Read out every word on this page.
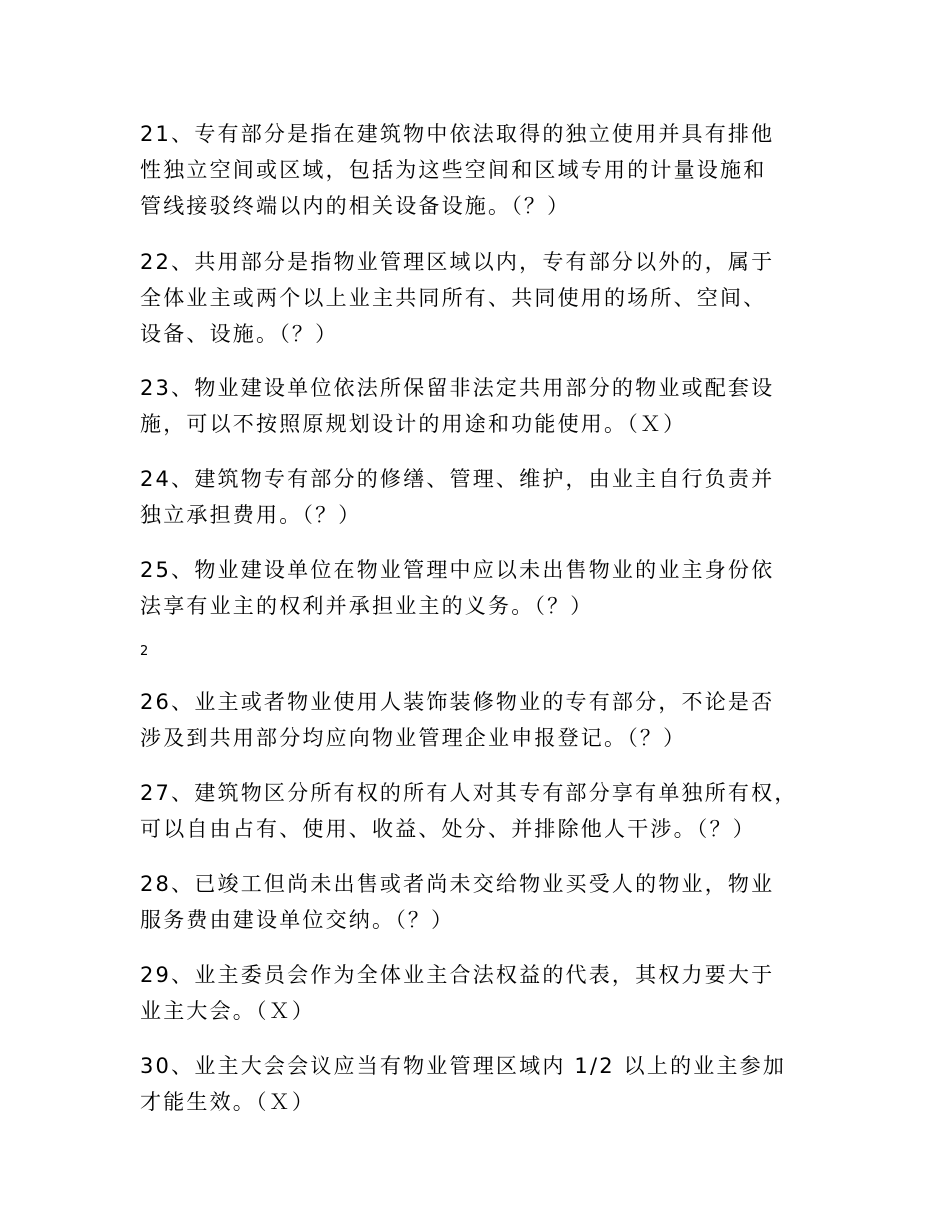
21、专有部分是指在建筑物中依法取得的独立使用并具有排他
性独立空间或区域，包括为这些空间和区域专用的计量设施和
管线接驳终端以内的相关设备设施。（？）
22、共用部分是指物业管理区域以内，专有部分以外的，属于
全体业主或两个以上业主共同所有、共同使用的场所、空间、
设备、设施。（？）
23、物业建设单位依法所保留非法定共用部分的物业或配套设
施，可以不按照原规划设计的用途和功能使用。（Ｘ）
24、建筑物专有部分的修缮、管理、维护，由业主自行负责并
独立承担费用。（？）
25、物业建设单位在物业管理中应以未出售物业的业主身份依
法享有业主的权利并承担业主的义务。（？）
2
26、业主或者物业使用人装饰装修物业的专有部分，不论是否
涉及到共用部分均应向物业管理企业申报登记。（？）
27、建筑物区分所有权的所有人对其专有部分享有单独所有权，
可以自由占有、使用、收益、处分、并排除他人干涉。（？）
28、已竣工但尚未出售或者尚未交给物业买受人的物业，物业
服务费由建设单位交纳。（？）
29、业主委员会作为全体业主合法权益的代表，其权力要大于
业主大会。（Ｘ）
30、业主大会会议应当有物业管理区域内 1/2 以上的业主参加
才能生效。（Ｘ）
